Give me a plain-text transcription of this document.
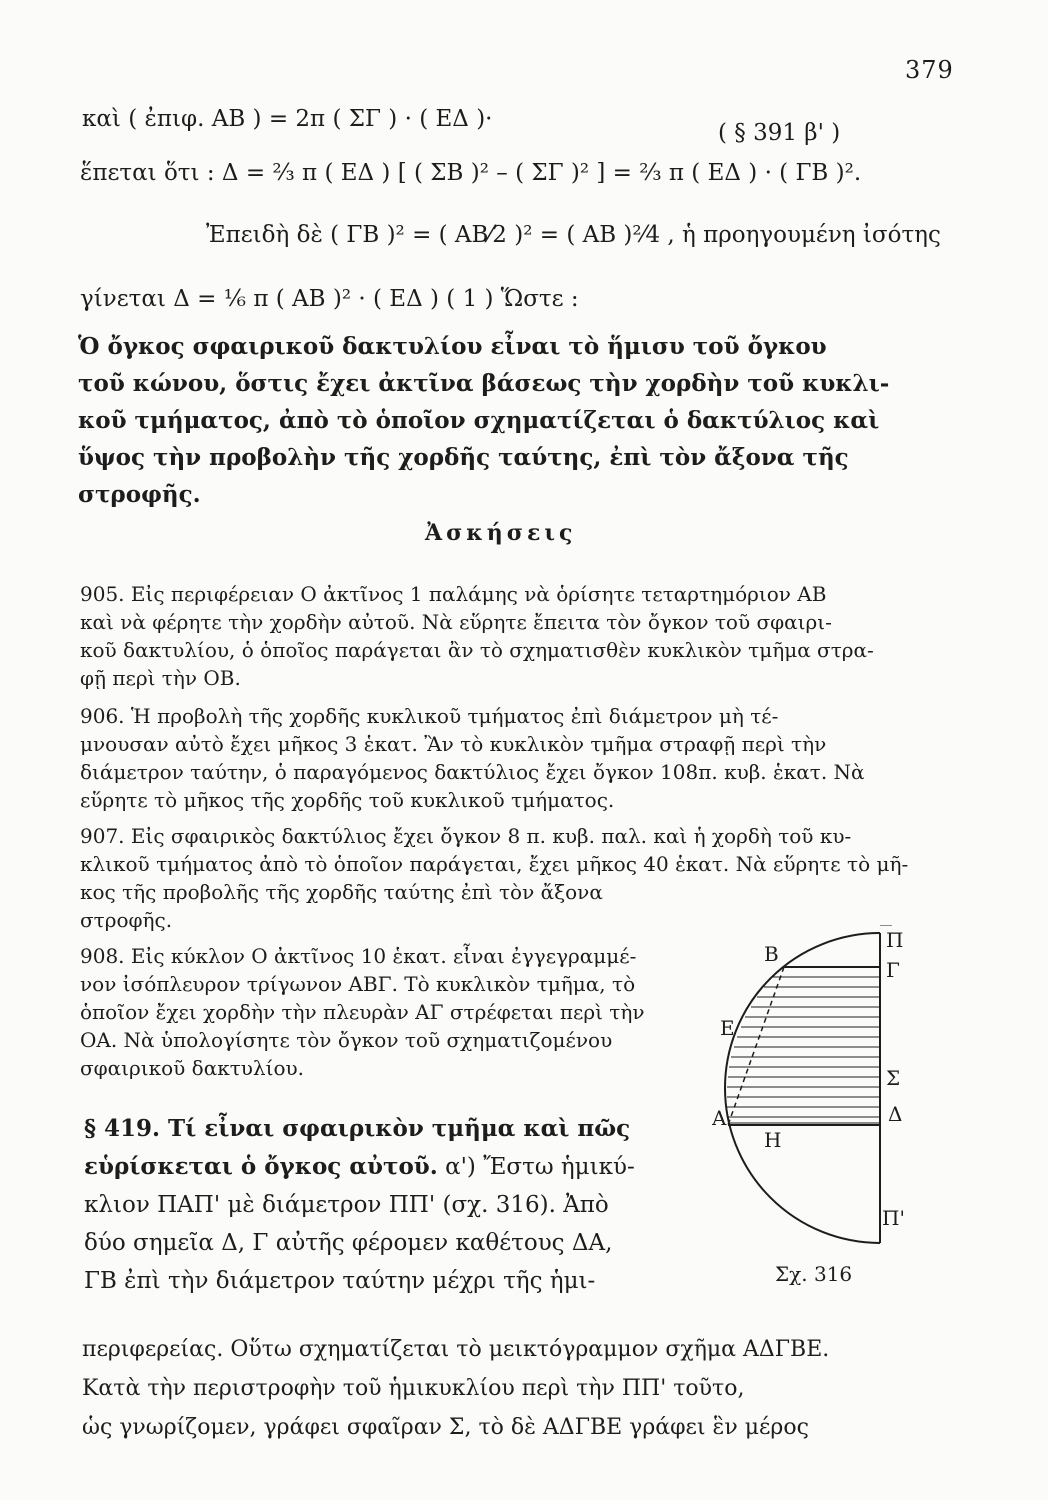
379
καὶ ( ἐπιφ. ΑΒ ) = 2π ( ΣΓ ) · ( ΕΔ )·
( § 391 β' )
ἕπεται ὅτι : Δ = ²⁄₃ π ( ΕΔ ) [ ( ΣΒ )² – ( ΣΓ )² ] = ²⁄₃ π ( ΕΔ ) · ( ΓΒ )².
Ἐπειδὴ δὲ ( ΓΒ )² = ( ΑΒ⁄2 )² = ( ΑΒ )²⁄4 , ἡ προηγουμένη ἰσότης
γίνεται Δ = ¹⁄₆ π ( ΑΒ )² · ( ΕΔ ) ( 1 ) Ὥστε :
Ὁ ὄγκος σφαιρικοῦ δακτυλίου εἶναι τὸ ἥμισυ τοῦ ὄγκου
τοῦ κώνου, ὅστις ἔχει ἀκτῖνα βάσεως τὴν χορδὴν τοῦ κυκλι-
κοῦ τμήματος, ἀπὸ τὸ ὁποῖον σχηματίζεται ὁ δακτύλιος καὶ
ὕψος τὴν προβολὴν τῆς χορδῆς ταύτης, ἐπὶ τὸν ἄξονα τῆς
στροφῆς.
Ἀσκήσεις
905. Εἰς περιφέρειαν Ο ἀκτῖνος 1 παλάμης νὰ ὁρίσητε τεταρτημόριον ΑΒ
καὶ νὰ φέρητε τὴν χορδὴν αὐτοῦ. Νὰ εὕρητε ἔπειτα τὸν ὄγκον τοῦ σφαιρι-
κοῦ δακτυλίου, ὁ ὁποῖος παράγεται ἂν τὸ σχηματισθὲν κυκλικὸν τμῆμα στρα-
φῇ περὶ τὴν ΟΒ.
906. Ἡ προβολὴ τῆς χορδῆς κυκλικοῦ τμήματος ἐπὶ διάμετρον μὴ τέ-
μνουσαν αὐτὸ ἔχει μῆκος 3 ἑκατ. Ἂν τὸ κυκλικὸν τμῆμα στραφῇ περὶ τὴν
διάμετρον ταύτην, ὁ παραγόμενος δακτύλιος ἔχει ὄγκον 108π. κυβ. ἑκατ. Νὰ
εὕρητε τὸ μῆκος τῆς χορδῆς τοῦ κυκλικοῦ τμήματος.
907. Εἰς σφαιρικὸς δακτύλιος ἔχει ὄγκον 8 π. κυβ. παλ. καὶ ἡ χορδὴ τοῦ κυ-
κλικοῦ τμήματος ἀπὸ τὸ ὁποῖον παράγεται, ἔχει μῆκος 40 ἑκατ. Νὰ εὕρητε τὸ μῆ-
κος τῆς προβολῆς τῆς χορδῆς ταύτης ἐπὶ τὸν ἄξονα
στροφῆς.
908. Εἰς κύκλον Ο ἀκτῖνος 10 ἑκατ. εἶναι ἐγγεγραμμέ-
νον ἰσόπλευρον τρίγωνον ΑΒΓ. Τὸ κυκλικὸν τμῆμα, τὸ
ὁποῖον ἔχει χορδὴν τὴν πλευρὰν ΑΓ στρέφεται περὶ τὴν
ΟΑ. Νὰ ὑπολογίσητε τὸν ὄγκον τοῦ σχηματιζομένου
σφαιρικοῦ δακτυλίου.
§ 419. Τί εἶναι σφαιρικὸν τμῆμα καὶ πῶς
εὑρίσκεται ὁ ὄγκος αὐτοῦ. α') Ἔστω ἡμικύ-
κλιον ΠΑΠ' μὲ διάμετρον ΠΠ' (σχ. 316). Ἀπὸ
δύο σημεῖα Δ, Γ αὐτῆς φέρομεν καθέτους ΔΑ,
ΓΒ ἐπὶ τὴν διάμετρον ταύτην μέχρι τῆς ἡμι-
περιφερείας. Οὕτω σχηματίζεται τὸ μεικτόγραμμον σχῆμα ΑΔΓΒΕ.
Κατὰ τὴν περιστροφὴν τοῦ ἡμικυκλίου περὶ τὴν ΠΠ' τοῦτο,
ὡς γνωρίζομεν, γράφει σφαῖραν Σ, τὸ δὲ ΑΔΓΒΕ γράφει ἓν μέρος
Β
Π
Γ
Ε
Σ
Δ
Α
Η
Π'
Σχ. 316
